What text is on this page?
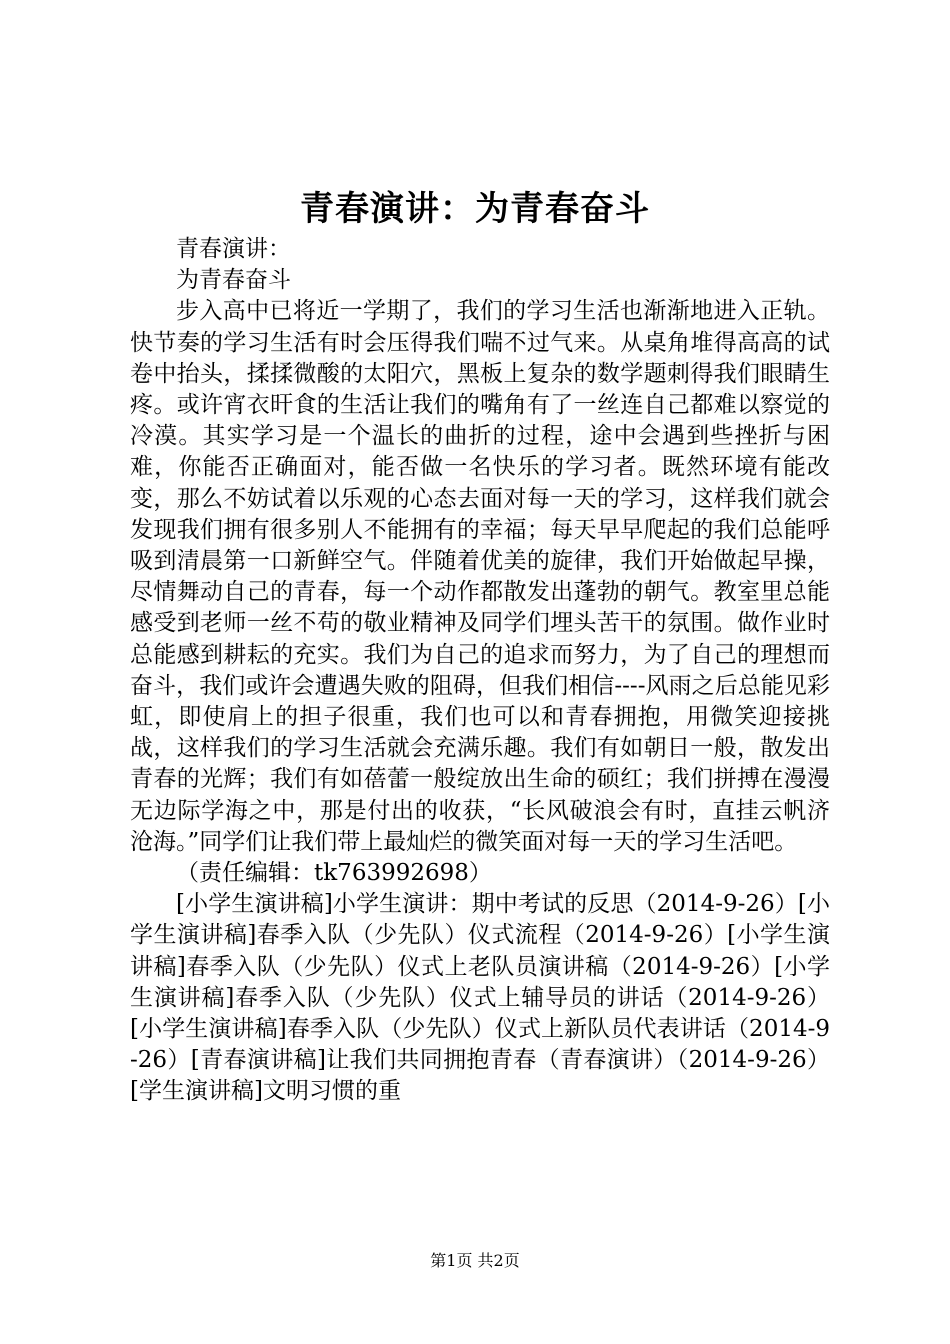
青春演讲：为青春奋斗

青春演讲：

为青春奋斗

步入高中已将近一学期了，我们的学习生活也渐渐地进入正轨。快节奏的学习生活有时会压得我们喘不过气来。从桌角堆得高高的试卷中抬头，揉揉微酸的太阳穴，黑板上复杂的数学题刺得我们眼睛生疼。或许宵衣旰食的生活让我们的嘴角有了一丝连自己都难以察觉的冷漠。其实学习是一个温长的曲折的过程，途中会遇到些挫折与困难，你能否正确面对，能否做一名快乐的学习者。既然环境有能改变，那么不妨试着以乐观的心态去面对每一天的学习，这样我们就会发现我们拥有很多别人不能拥有的幸福；每天早早爬起的我们总能呼吸到清晨第一口新鲜空气。伴随着优美的旋律，我们开始做起早操，尽情舞动自己的青春，每一个动作都散发出蓬勃的朝气。教室里总能感受到老师一丝不苟的敬业精神及同学们埋头苦干的氛围。做作业时总能感到耕耘的充实。我们为自己的追求而努力，为了自己的理想而奋斗，我们或许会遭遇失败的阻碍，但我们相信----风雨之后总能见彩虹，即使肩上的担子很重，我们也可以和青春拥抱，用微笑迎接挑战，这样我们的学习生活就会充满乐趣。我们有如朝日一般，散发出青春的光辉；我们有如蓓蕾一般绽放出生命的硕红；我们拼搏在漫漫无边际学海之中，那是付出的收获，“长风破浪会有时，直挂云帆济沧海。”同学们让我们带上最灿烂的微笑面对每一天的学习生活吧。

（责任编辑：tk763992698）

[小学生演讲稿]小学生演讲：期中考试的反思（2014-9-26）[小学生演讲稿]春季入队（少先队）仪式流程（2014-9-26）[小学生演讲稿]春季入队（少先队）仪式上老队员演讲稿（2014-9-26）[小学生演讲稿]春季入队（少先队）仪式上辅导员的讲话（2014-9-26）[小学生演讲稿]春季入队（少先队）仪式上新队员代表讲话（2014-9-26）[青春演讲稿]让我们共同拥抱青春（青春演讲）（2014-9-26）[学生演讲稿]文明习惯的重

第1页 共2页
